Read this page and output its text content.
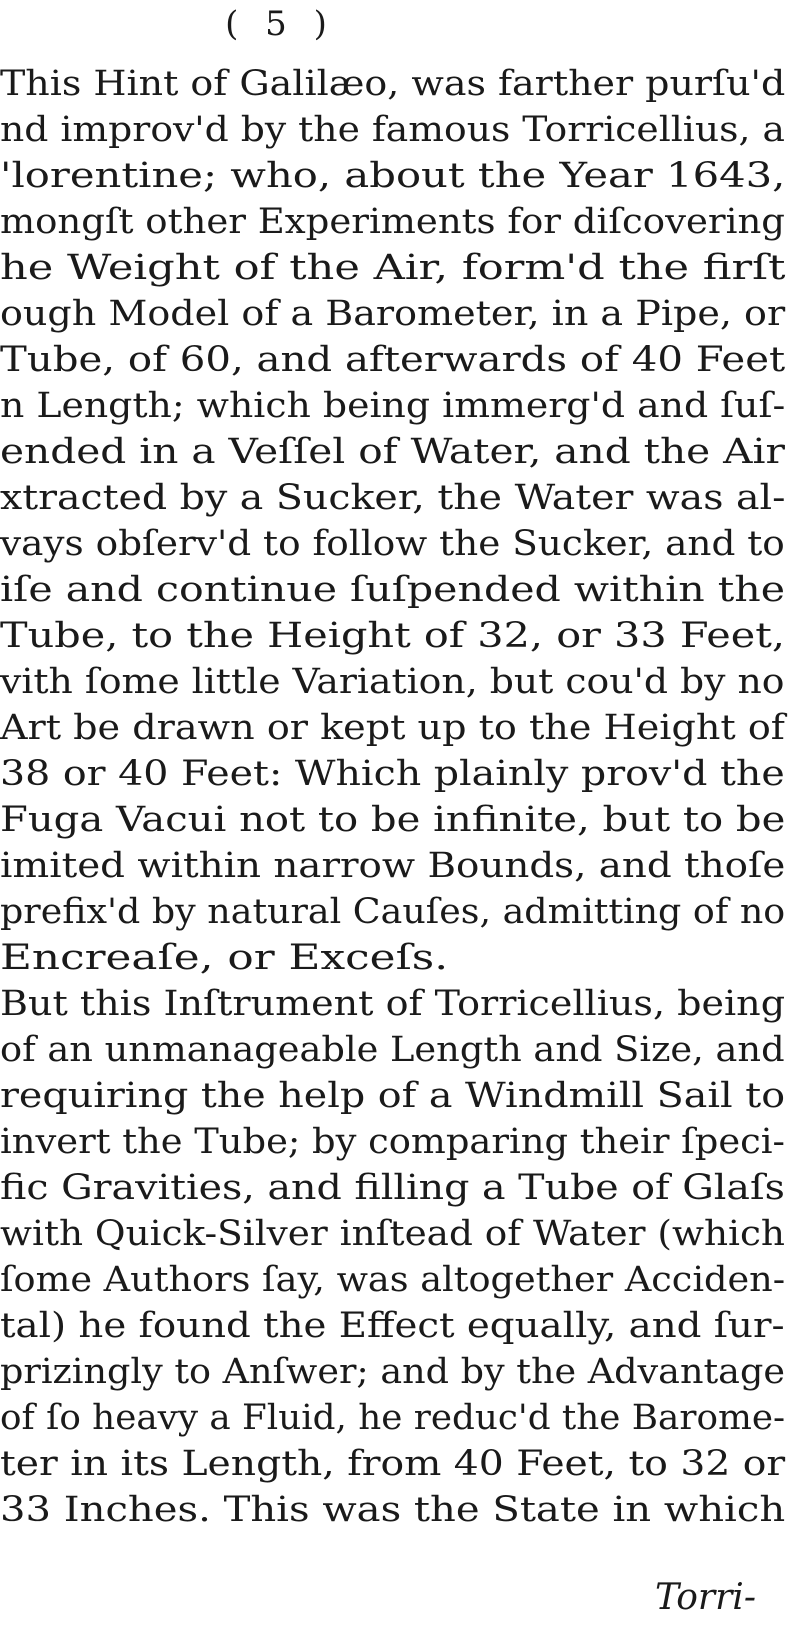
( 5 )
This Hint of Galilæo, was farther purſu'd
nd improv'd by the famous Torricellius, a
'lorentine; who, about the Year 1643,
mongſt other Experiments for diſcovering
he Weight of the Air, form'd the firſt
ough Model of a Barometer, in a Pipe, or
Tube, of 60, and afterwards of 40 Feet
n Length; which being immerg'd and ſuſ-
ended in a Veſſel of Water, and the Air
xtracted by a Sucker, the Water was al-
vays obſerv'd to follow the Sucker, and to
iſe and continue ſuſpended within the
Tube, to the Height of 32, or 33 Feet,
vith ſome little Variation, but cou'd by no
Art be drawn or kept up to the Height of
38 or 40 Feet: Which plainly prov'd the
Fuga Vacui not to be infinite, but to be
imited within narrow Bounds, and thoſe
prefix'd by natural Cauſes, admitting of no
Encreaſe, or Exceſs.
But this Inſtrument of Torricellius, being
of an unmanageable Length and Size, and
requiring the help of a Windmill Sail to
invert the Tube; by comparing their ſpeci-
fic Gravities, and filling a Tube of Glaſs
with Quick-Silver inſtead of Water (which
ſome Authors ſay, was altogether Acciden-
tal) he found the Effect equally, and ſur-
prizingly to Anſwer; and by the Advantage
of ſo heavy a Fluid, he reduc'd the Barome-
ter in its Length, from 40 Feet, to 32 or
33 Inches. This was the State in which
Torri-
